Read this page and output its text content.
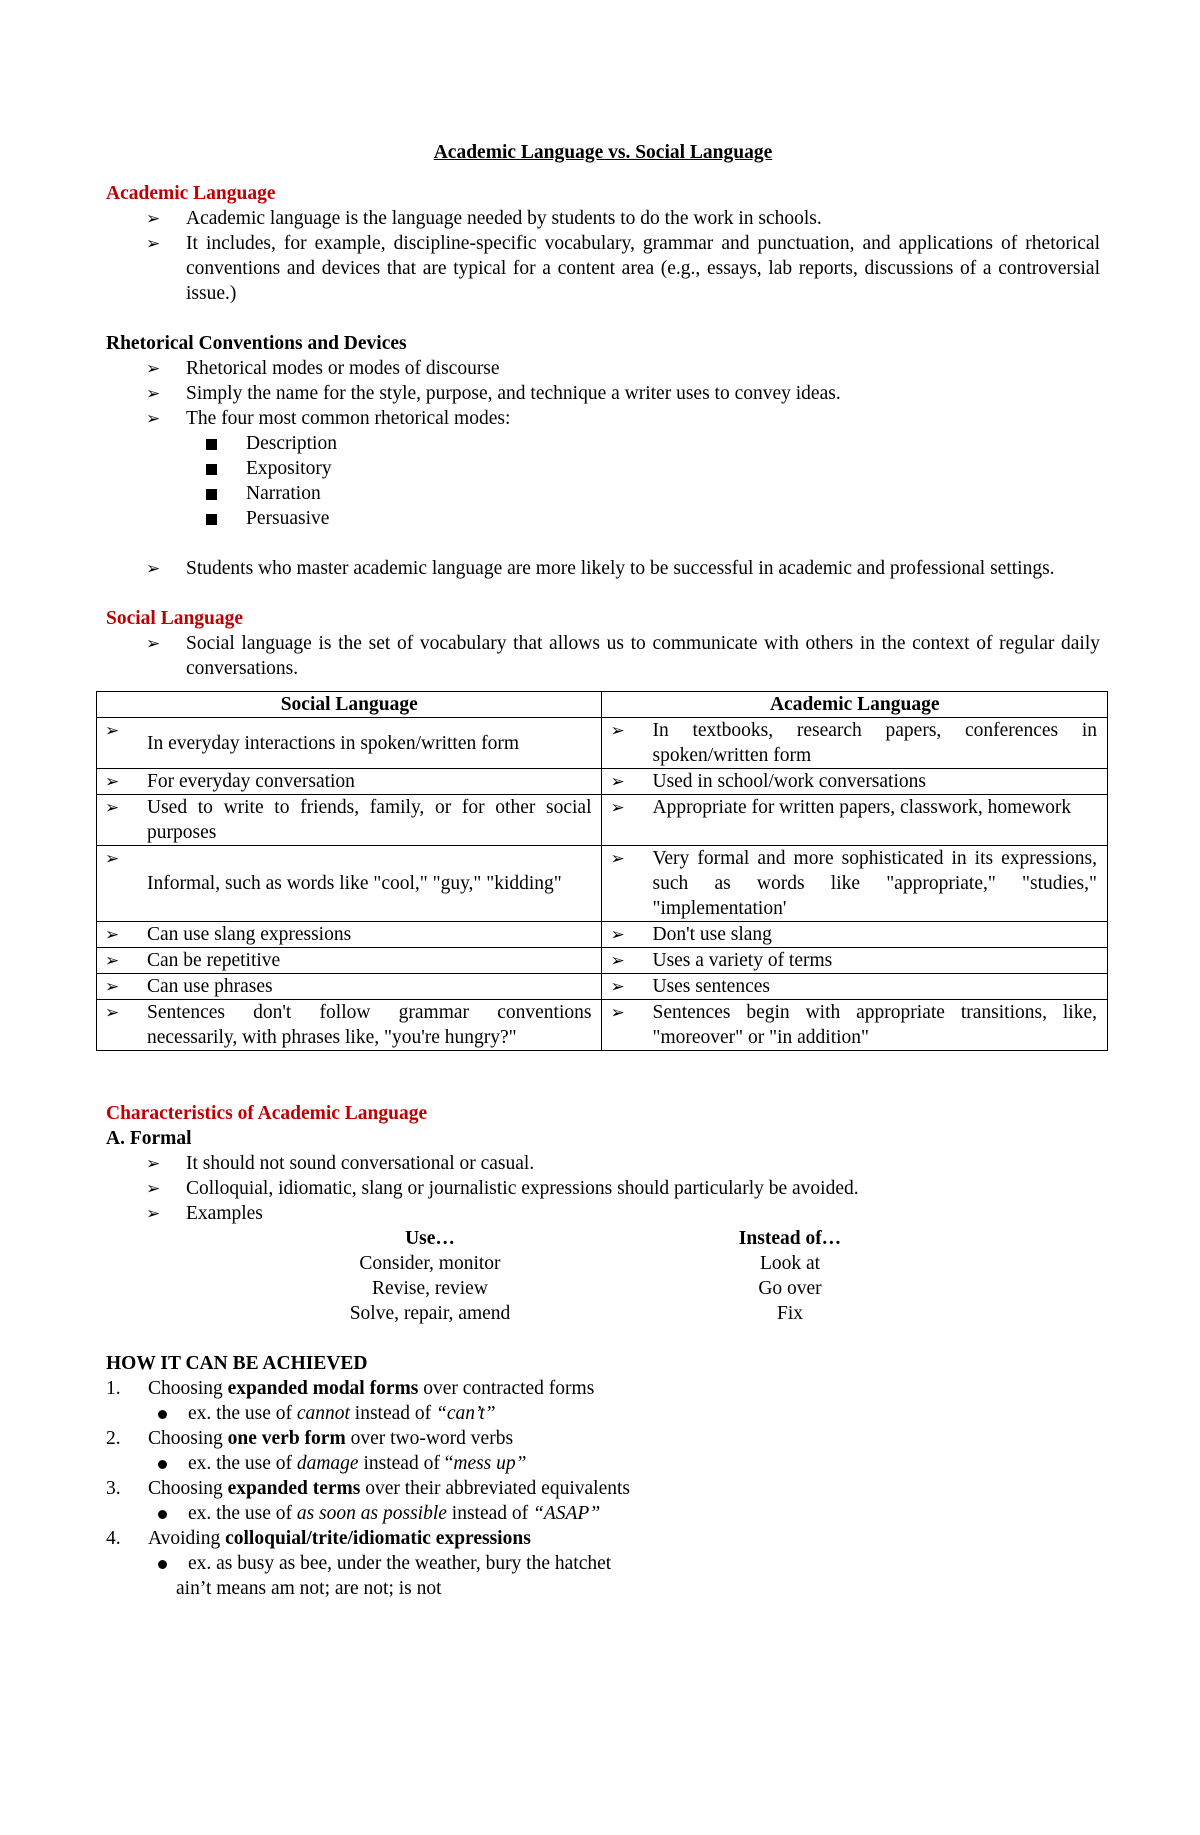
Academic Language vs. Social Language
Academic Language
➢ Academic language is the language needed by students to do the work in schools.
➢ It includes, for example, discipline-specific vocabulary, grammar and punctuation, and applications of rhetorical conventions and devices that are typical for a content area (e.g., essays, lab reports, discussions of a controversial issue.)
Rhetorical Conventions and Devices
➢ Rhetorical modes or modes of discourse
➢ Simply the name for the style, purpose, and technique a writer uses to convey ideas.
➢ The four most common rhetorical modes:
Description
Expository
Narration
Persuasive
➢ Students who master academic language are more likely to be successful in academic and professional settings.
Social Language
➢ Social language is the set of vocabulary that allows us to communicate with others in the context of regular daily conversations.
Social Language	Academic Language

➢
In everyday interactions in spoken/written form	➢ In textbooks, research papers, conferences in spoken/written form

➢ For everyday conversation	➢ Used in school/work conversations

➢ Used to write to friends, family, or for other social purposes	➢ Appropriate for written papers, classwork, homework

➢
Informal, such as words like "cool," "guy," "kidding"	➢ Very formal and more sophisticated in its expressions, such as words like "appropriate," "studies," "implementation'

➢ Can use slang expressions	➢ Don't use slang

➢ Can be repetitive	➢ Uses a variety of terms

➢ Can use phrases	➢ Uses sentences

➢ Sentences don't follow grammar conventions necessarily, with phrases like, "you're hungry?"	➢ Sentences begin with appropriate transitions, like, "moreover" or "in addition"
Characteristics of Academic Language
A. Formal
➢ It should not sound conversational or casual.
➢ Colloquial, idiomatic, slang or journalistic expressions should particularly be avoided.
➢ Examples
Use…	Instead of…
Consider, monitor	Look at
Revise, review	Go over
Solve, repair, amend	Fix
HOW IT CAN BE ACHIEVED
1. Choosing expanded modal forms over contracted forms
ex. the use of cannot instead of “can’t”
2. Choosing one verb form over two-word verbs
ex. the use of damage instead of “mess up”
3. Choosing expanded terms over their abbreviated equivalents
ex. the use of as soon as possible instead of “ASAP”
4. Avoiding colloquial/trite/idiomatic expressions
ex. as busy as bee, under the weather, bury the hatchet
ain’t means am not; are not; is not
